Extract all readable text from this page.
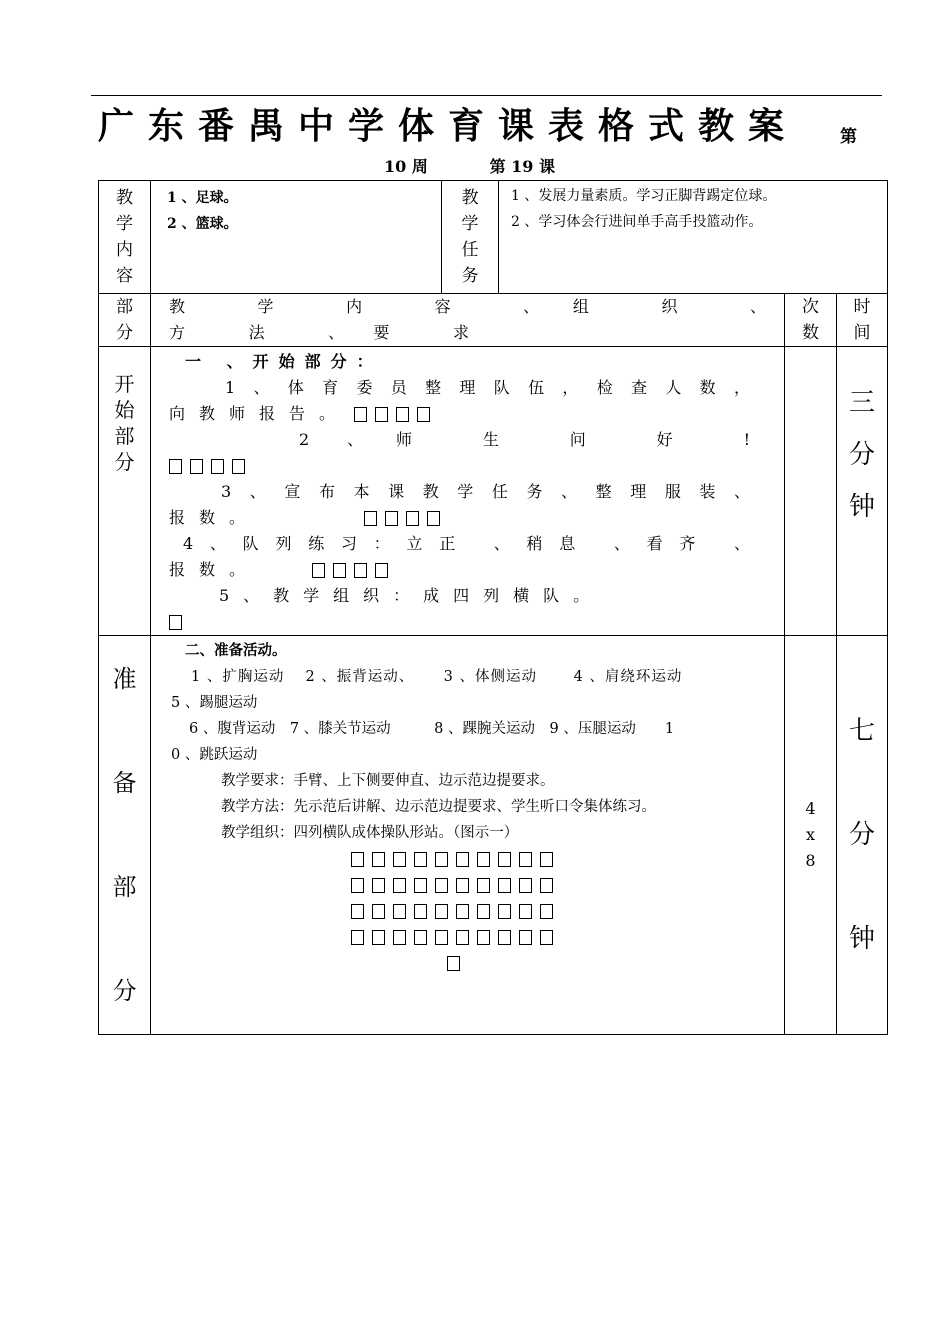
广东番禺中学体育课表格式教案 第
10 周	第 19 课
教
学
内
容
1 、足球。
2 、篮球。
教
学
任
务
1 、发展力量素质。学习正脚背踢定位球。
2 、学习体会行进间单手高手投篮动作。
部
分
教 学 内 容 、组 织 、
方 法 、要 求
次
数
时
间
开
始
部
分
一 、开始部分：
1、体育委员整理队伍，检查人数，
向教师报告。
2 、师 生 问 好 !
3、宣布本课教学任务、整理服装、
报数。
4、队列练习：立正 、稍息 、看齐 、
报数。
5、教学组织：成四列横队。
三
分
钟
准
备
部
分
二、准备活动。
1 、扩胸运动　 2 、振背运动、　　 3 、体侧运动　　 4 、肩绕环运动
5 、踢腿运动
6 、腹背运动　7 、膝关节运动　　　8 、踝腕关运动　9 、压腿运动　　1
0 、跳跃运动
教学要求：手臂、上下侧要伸直、边示范边提要求。
教学方法：先示范后讲解、边示范边提要求、学生听口令集体练习。
教学组织：四列横队成体操队形站。（图示一）
4
x
8
七
分
钟
